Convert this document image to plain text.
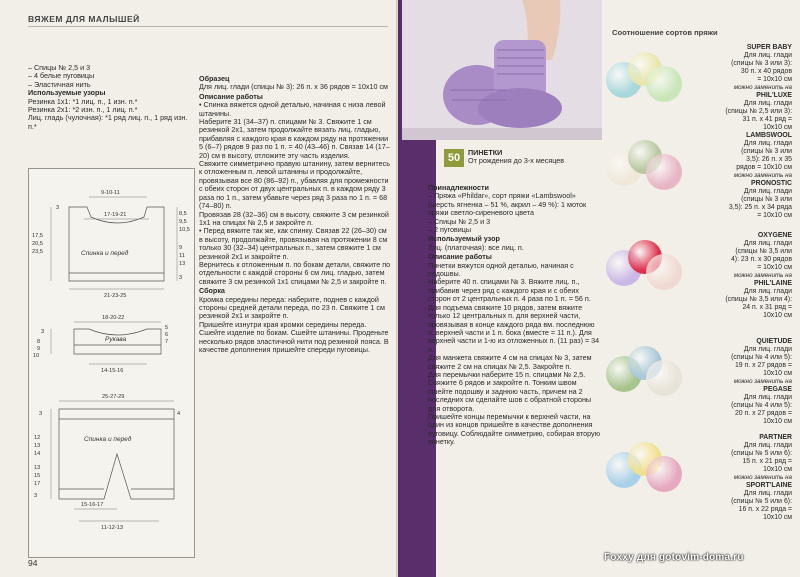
ВЯЖЕМ ДЛЯ МАЛЫШЕЙ

– Спицы № 2,5 и 3

– 4 белые пуговицы

– Эластичная нить

Используемые узоры

Резинка 1х1: *1 лиц. п., 1 изн. п.*

Резинка 2х1: *2 изн. п., 1 лиц. п.*

Лиц. гладь (чулочная): *1 ряд лиц. п., 1 ряд изн. п.*

9-10-11
17-19-21
21-23-25
3
8,5
9,5
10,5
17,5
20,5
23,5
9
11
13
3
Спинка и перед
18-20-22
14-15-16
3
5
6
7
8
9
10
Рукава
25-27-29
15-16-17
11-12-13
3	4
12
13
14
13
15
17
3
Спинка и перед

Образец

Для лиц. глади (спицы № 3): 26 п. х 36 рядов = 10х10 см

Описание работы

• Спинка вяжется одной деталью, начиная с низа левой штанины.

Наберите 31 (34–37) п. спицами № 3. Свяжите 1 см резинкой 2х1, затем продолжайте вязать лиц. гладью, прибавляя с каждого края в каждом ряду на протяжении 5 (6–7) рядов 9 раз по 1 п. = 40 (43–46) п. Связав 14 (17–20) см в высоту, отложите эту часть изделия.

Свяжите симметрично правую штанину, затем вернитесь к отложенным п. левой штанины и продолжайте, провязывая все 80 (86–92) п., убавляя для промежности с обеих сторон от двух центральных п. в каждом ряду 3 раза по 1 п., затем убавьте через ряд 3 раза по 1 п. = 68 (74–80) п.

Провязав 28 (32–36) см в высоту, свяжите 3 см резинкой 1х1 на спицах № 2,5 и закройте п.

• Перед вяжите так же, как спинку. Связав 22 (26–30) см в высоту, продолжайте, провязывая на протяжении 8 см только 30 (32–34) центральных п., затем свяжите 1 см резинкой 2х1 и закройте п.

Вернитесь к отложенным п. по бокам детали, свяжите по отдельности с каждой стороны 6 см лиц. гладью, затем свяжите 3 см резинкой 1х1 спицами № 2,5 и закройте п.

Сборка

Кромка середины переда: наберите, поднев с каждой стороны средней детали переда, по 23 п. Свяжите 1 см резинкой 2х1 и закройте п.

Пришейте изнутри края кромки середины переда.

Сшейте изделие по бокам. Сшейте штанины. Проденьте несколько рядов эластичной нити под резинкой пояса. В качестве дополнения пришейте спереди пуговицы.

94
50	ПИНЕТКИ
От рождения до 3-х месяцев

Принадлежности

– Пряжа «Phildar», сорт пряжи «Lambswool» (шерсть ягненка – 51 %, акрил – 49 %): 1 моток пряжи светло-сиреневого цвета

– Спицы № 2,5 и 3

– 2 пуговицы

Используемый узор

Лиц. (платочная): все лиц. п.

Описание работы

Пинетки вяжутся одной деталью, начиная с подошвы.

Наберите 40 п. спицами № 3. Вяжите лиц. п., прибавив через ряд с каждого края и с обеих сторон от 2 центральных п. 4 раза по 1 п. = 56 п.

Для подъема свяжите 10 рядов, затем вяжите только 12 центральных п. для верхней части, провязывая в конце каждого ряда вм. последнюю п. верхней части и 1 п. бока (вместе = 11 п.). Для верхней части и 1-ю из отложенных п. (11 раз) = 34 п.

Для манжета свяжите 4 см на спицах № 3, затем свяжите 2 см на спицах № 2,5. Закройте п.

Для перемычки наберите 15 п. спицами № 2,5. Свяжите 6 рядов и закройте п. Тонким швом сшейте подошву и заднюю часть, причем на 2 последних см сделайте шов с обратной стороны для отворота.

Пришейте концы перемычки к верхней части, на один из концов пришейте в качестве дополнения пуговицу. Соблюдайте симметрию, собирая вторую пинетку.

Соотношение сортов пряжи
SUPER BABY
Для лиц. глади
(спицы № 3 или 3):
30 п. х 40 рядов
= 10х10 см
можно заменить на
PHIL'LUXE
Для лиц. глади
(спицы № 2,5 или 3):
31 п. х 41 ряд =
10х10 см
LAMBSWOOL
Для лиц. глади
(спицы № 3 или
3,5): 26 п. х 35
рядов = 10х10 см
можно заменить на
PRONOSTIC
Для лиц. глади
(спицы № 3 или
3,5): 25 п. х 34 ряда
= 10х10 см
OXYGENE
Для лиц. глади
(спицы № 3,5 или
4): 23 п. х 30 рядов
= 10х10 см
можно заменить на
PHIL'LAINE
Для лиц. глади
(спицы № 3,5 или 4):
24 п. х 31 ряд =
10х10 см
QUIETUDE
Для лиц. глади
(спицы № 4 или 5):
19 п. х 27 рядов =
10х10 см
можно заменить на
PEGASE
Для лиц. глади
(спицы № 4 или 5):
20 п. х 27 рядов =
10х10 см
PARTNER
Для лиц. глади
(спицы № 5 или 6):
15 п. х 21 ряд =
10х10 см
можно заменить на
SPORT'LAINE
Для лиц. глади
(спицы № 5 или 6):
16 п. х 22 ряда =
10х10 см
Foxxy для gotovim-doma.ru
